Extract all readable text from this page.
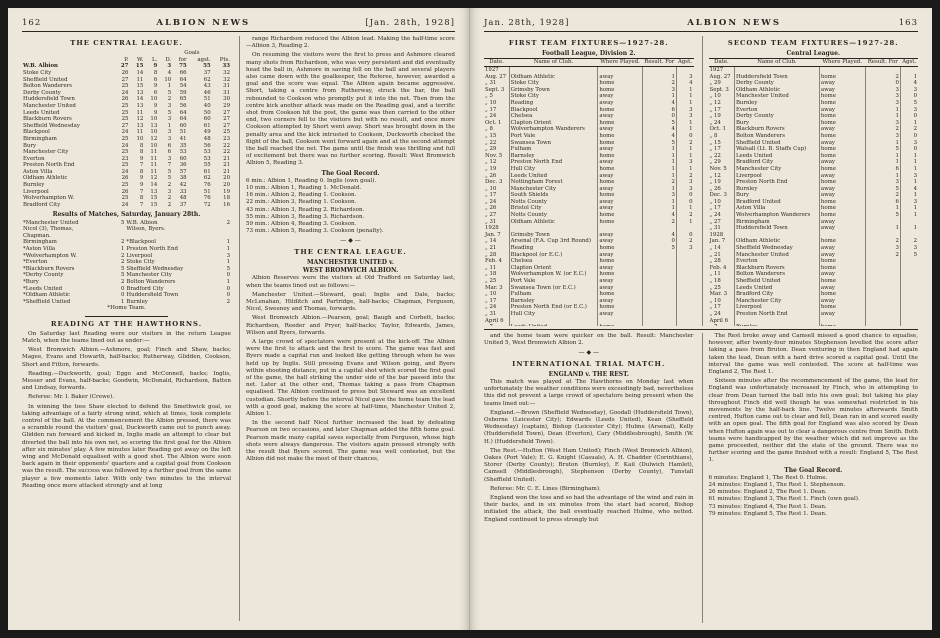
162	ALBION NEWS	[Jan. 28th, 1928]
THE CENTRAL LEAGUE.
					Goals		
	P.	W.	L.	D.	for	agst.	Pts.
W.B. Albion	27	15	9	3	75	55	33
Stoke City	26	14	8	4	66	37	32
Sheffield United	27	11	6	10	64	62	32
Bolton Wanderers	25	15	9	1	54	43	31
Derby County	24	13	6	5	59	46	31
Huddersfield Town	26	14	10	2	65	51	30
Manchester United	25	13	9	3	56	40	29
Leeds United	25	11	9	5	64	50	27
Blackburn Rovers	25	12	10	3	64	60	27
Sheffield Wednesday	27	13	13	1	60	61	27
Blackpool	24	11	10	3	51	49	25
Birmingham	25	10	12	3	41	48	23
Bury	24	8	10	6	35	56	22
Manchester City	25	8	11	6	53	53	22
Everton	23	9	11	3	60	53	21
Preston North End	25	7	11	7	36	55	21
Aston Villa	24	8	11	5	57	61	21
Oldham Athletic	26	9	12	5	38	62	20
Burnley	25	9	14	2	42	76	20
Liverpool	26	7	13	3	33	51	19
Wolverhampton W.	25	8	15	2	48	76	18
Bradford City	24	7	15	2	37	72	16
Results of Matches, Saturday, January 28th.
*Manchester United	5	W.B. Albion	2
Nicol (3), Thomas,		Wilson, Byers.	
Chapman.			
Birmingham	2	*Blackpool	1
*Aston Villa	1	Preston North End	1
*Wolverhampton W.	2	Liverpool	3
*Everton	2	Stoke City	1
*Blackburn Rovers	5	Sheffield Wednesday	5
*Derby County	5	Manchester City	0
*Bury	2	Bolton Wanderers	1
*Leeds United	0	Bradford City	0
*Oldham Athletic	0	Huddersfield Town	0
*Sheffield United	1	Burnley	2
*Home Team.
READING AT THE HAWTHORNS.

On Saturday last Reading were our visitors in the return League Match, when the teams lined out as under:—

West Bromwich Albion.—Ashmore, goal; Finch and Shaw, backs; Magee, Evans and Howarth, half-backs; Rutherway, Glidden, Cookson, Short and Fitton, forwards.

Reading.—Duckworth, goal; Eggo and McConnell, backs; Inglis, Messer and Evans, half-backs; Goodwin, McDonald, Richardson, Batten and Lindsay, forwards.

Referee: Mr. I. Baker (Crewe).

In winning the toss Shaw elected to defend the Smethwick goal, so taking advantage of a fairly strong wind, which at times, took complete control of the ball. At the commencement the Albion pressed, there was a scramble round the visitors' goal, Duckworth came out to punch away. Glidden ran forward and kicked in, Inglis made an attempt to clear but diverted the ball into his own net, so scoring the first goal for the Albion after six minutes' play. A few minutes later Reading got away on the left wing and McDonald equalised with a good shot. The Albion were soon back again in their opponents' quarters and a capital goal from Cookson was the result. The success was followed by a further goal from the same player a few moments later. With only two minutes to the interval Reading once more attacked strongly and at long

range Richardson reduced the Albion lead. Making the half-time score—Albion 3, Reading 2.

On resuming the visitors were the first to press and Ashmore cleared many shots from Richardson, who was very persistent and did eventually head the ball in, Ashmore in saving fell on the ball and several players also came down with the goalkeeper, the Referee, however, awarded a goal and the score was equal. The Albion again became aggressive. Short, taking a centre from Rutherway, struck the bar, the ball rebounded to Cookson who promptly put it into the net. Then from the centre kick another attack was made on the Reading goal, and a terrific shot from Cookson hit the post, the game was then carried to the other end, two corners fell to the visitors but with no result, and once more Cookson attempted by Short went away. Short was brought down in the penalty area and the kick intrusted to Cookson, Duckworth checked the flight of the ball, Cookson went forward again and at the second attempt the ball reached the net. The game until the finish was thrilling and full of excitement but there was no further scoring. Result: West Bromwich Albion 5, Reading 3.

The Goal Record.
6 min.: Albion 1, Reading 0. Inglis (own goal).
10 min.: Albion 1, Reading 1. McDonald.
16 min.: Albion 2, Reading 1. Cookson.
22 min.: Albion 3, Reading 1. Cookson.
43 min.: Albion 3, Reading 2. Richardson.
55 min.: Albion 3, Reading 3. Richardson.
59 min.: Albion 4, Reading 3. Cookson.
73 min.: Albion 5, Reading 3. Cookson (penalty).
— ◆ —
THE CENTRAL LEAGUE.
MANCHESTER UNITED v.
WEST BROMWICH ALBION.

Albion Reserves were the visitors at Old Trafford on Saturday last, when the teams lined out as follows:—

Manchester United.—Steward, goal; Inglis and Dale, backs; McLenahan, Hilditch and Partridge, half-backs; Chapman, Ferguson, Nicol, Sweeney and Thomas, forwards.

West Bromwich Albion.—Pearson, goal; Baugh and Corbett, backs; Richardson, Reeder and Pryer, half-backs; Taylor, Edwards, James, Wilson and Byers, forwards.

A large crowd of spectators were present at the kick-off. The Albion were the first to attack and the first to score. The game was fast and Byers made a capital run and looked like getting through when he was held up by Inglis. Still pressing Evans and Wilson going, and Byers within shooting distance, put in a capital shot which scored the first goal of the game, the ball striking the under side of the bar passed into the net. Later at the other end, Thomas taking a pass from Chapman equalised. The Albion continued to press but Steward was an excellent custodian. Shortly before the interval Nicol gave the home team the lead with a good goal, making the score at half-time, Manchester United 2, Albion 1.

In the second half Nicol further increased the lead by defeating Pearson on two occasions, and later Chapman added the fifth home goal. Pearson made many capital saves especially from Ferguson, whose high shots were always dangerous. The visitors again pressed strongly with the result that Byers scored. The game was well contested, but the Albion did not make the most of their chances,

Jan. 28th, 1928]	ALBION NEWS	163
FIRST TEAM FIXTURES—1927-28.
Football League, Division 2.
Date.	Name of Club.	Where Played.	Result. For	Agst.
1927				
Aug. 27	Oldham Athletic	away	1	3
„ 31	Stoke City	home	2	4
Sept. 3	Grimsby Town	home	3	1
„ 5	Stoke City	away	1	1
„ 10	Reading	away	4	1
„ 17	Blackpool	home	6	3
„ 24	Chelsea	away	0	3
Oct. 1	Clapton Orient	home	5	1
„ 8	Wolverhampton Wanderers	away	4	1
„ 15	Port Vale	home	4	0
„ 22	Swansea Town	home	5	2
„ 29	Fulham	away	1	1
Nov. 5	Barnsley	home	1	1
„ 12	Preston North End	away	1	3
„ 19	Hull City	home	1	1
„ 26	Leeds United	away	1	2
Dec. 3	Nottingham Forest	home	2	3
„ 10	Manchester City	away	1	3
„ 17	South Shields	home	3	0
„ 24	Notts County	away	1	0
„ 26	Bristol City	away	1	1
„ 27	Notts County	home	4	2
„ 31	Oldham Athletic	home	2	1
1928				
Jan. 7	Grimsby Town	away	4	0
„ 14	Arsenal (F.A. Cup 3rd Round)	away	0	2
„ 21	Reading	home	5	3
„ 28	Blackpool (or E.C.)	away		
Feb. 4	Chelsea	home		
„ 11	Clapton Orient	away		
„ 18	Wolverhampton W. (or E.C.)	home		
„ 25	Port Vale	away		
Mar. 3	Swansea Town (or E.C.)	away		
„ 10	Fulham	home		
„ 17	Barnsley	away		
„ 24	Preston North End (or E.C.)	home		
„ 31	Hull City	away		
April 6				

SECOND TEAM FIXTURES—1927-28.
Central League.
Date.	Name of Club.	Where Played.	Result. For	Agst.
1927				
Aug. 27	Huddersfield Town	home	2	1
„ 29	Derby County	away	0	4
Sept. 3	Oldham Athletic	away	3	3
„ 10	Manchester United	home	3	0
„ 12	Burnley	home	3	5
„ 17	Everton	away	1	3
„ 19	Derby County	home	1	0
„ 24	Bury	home	3	1
Oct. 1	Blackburn Rovers	away	2	2
„ 8	Bolton Wanderers	home	3	0
„ 15	Sheffield United	away	1	3
„ 17	Walsall (Lt. B. Staffs Cup)	home	5	0
„ 22	Leeds United	home	1	1
„ 29	Bradford City	away	1	1
Nov. 5	Manchester City	home	6	1
„ 12	Liverpool	away	1	3
„ 19	Preston North End	home	3	1
„ 26	Burnley	away	5	4
Dec. 3	Bury	away	2	1
„ 10	Bradford United	home	6	3
„ 17	Aston Villa	home	1	1
„ 24	Wolverhampton Wanderers	home	5	1
„ 27	Birmingham	away		
„ 31	Huddersfield Town	away	1	1
1928				
Jan. 7	Oldham Athletic	home	2	2
„ 14	Sheffield Wednesday	away	3	3
„ 21	Manchester United	away	2	5
„ 28	Everton	home		
Feb. 4	Blackburn Rovers	home		
„ 11	Bolton Wanderers	away		
„ 18	Sheffield United	home		
„ 25	Leeds United	away		
Mar. 3	Bradford City	home		
„ 10	Manchester City	away		
„ 17	Liverpool	home		
„ 24	Preston North End	away		
April 6				

and the home team were quicker on the ball. Result: Manchester United 5, West Bromwich Albion 2.

— ◆ —
INTERNATIONAL TRIAL MATCH.
ENGLAND v. THE REST.

This match was played at The Hawthorns on Monday last when unfortunately the weather conditions were exceedingly bad, nevertheless this did not prevent a large crowd of spectators being present when the teams lined out:—

England.—Brown (Sheffield Wednesday), Goodall (Huddersfield Town), Osborne (Leicester City); Edwards (Leeds United), Kean (Sheffield Wednesday) (captain), Bishop (Leicester City); Hulme (Arsenal), Kelly (Huddersfield Town), Dean (Everton), Cary (Middlesbrough), Smith (W. H.) (Huddersfield Town).

The Rest.—Hufton (West Ham United); Finch (West Bromwich Albion), Oakes (Port Vale); E. G. Knight (Casuals), A. H. Chadder (Corinthians), Storer (Derby County); Bruton (Burnley), F. Kail (Dulwich Hamlet), Camsell (Middlesbrough), Stephenson (Derby County), Tunstall (Sheffield United).

Referee: Mr. C. E. Lines (Birmingham).

England won the toss and so had the advantage of the wind and rain in their backs, and in six minutes from the start had scored, Bishop initiated the attack, the ball eventually reached Hulme, who netted. England continued to press strongly but

The Rest broke away and Camsell missed a good chance to equalise, however, after twenty-four minutes Stephenson levelled the score after taking a pass from Bruton. Dean venturing in then England had again taken the lead, Dean with a hard drive scored a capital goal. Until the interval the game was well contested. The score at half-time was England 2, The Rest 1.

Sixteen minutes after the recommencement of the game, the lead for England was unfortunately increased by Finch, who in attempting to clear from Dean turned the ball into his own goal; but taking his play throughout Finch did well though he was somewhat restricted in his movements by the half-back line. Twelve minutes afterwards Smith centred, Hufton came out to clear and fell, Dean ran in and scored easily with an open goal. The fifth goal for England was also scored by Dean when Hufton again was out to clear a dangerous centre from Smith. Both teams were handicapped by the weather which did not improve as the game proceeded, neither did the state of the ground. There was no further scoring and the game finished with a result: England 5, The Rest 1.

The Goal Record.
6 minutes: England 1, The Rest 0. Hulme.
24 minutes: England 1, The Rest 1. Stephenson.
26 minutes: England 2, The Rest 1. Dean.
61 minutes: England 3, The Rest 1. Finch (own goal).
73 minutes: England 4, The Rest 1. Dean.
79 minutes: England 5, The Rest 1. Dean.
